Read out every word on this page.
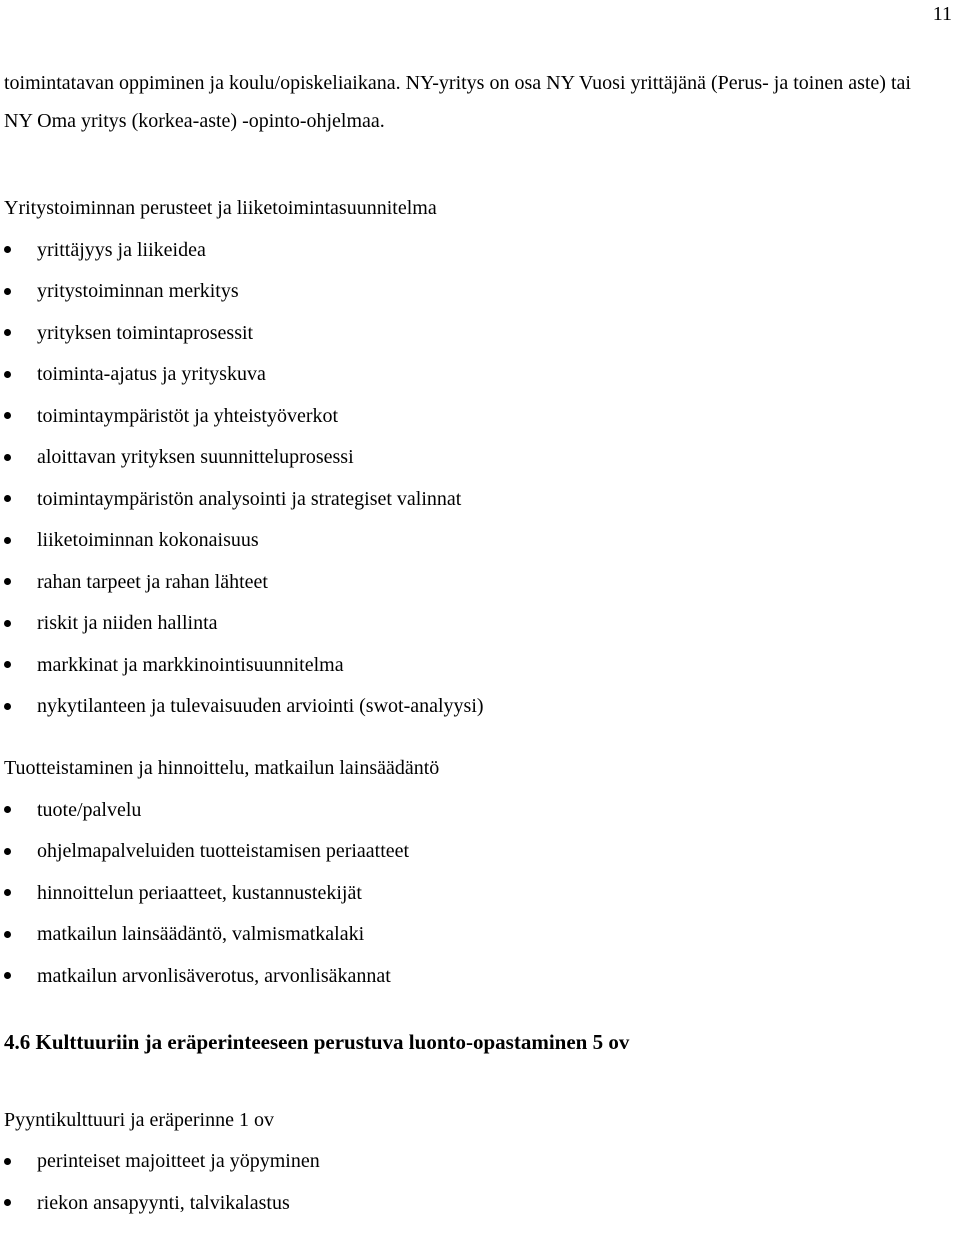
11

toimintatavan oppiminen ja koulu/opiskeliaikana. NY-yritys on osa NY Vuosi yrittäjänä (Perus- ja toinen aste) tai NY Oma yritys (korkea-aste) -opinto-ohjelmaa.

Yritystoiminnan perusteet ja liiketoimintasuunnitelma

yrittäjyys ja liikeidea
yritystoiminnan merkitys
yrityksen toimintaprosessit
toiminta-ajatus ja yrityskuva
toimintaympäristöt ja yhteistyöverkot
aloittavan yrityksen suunnitteluprosessi
toimintaympäristön analysointi ja strategiset valinnat
liiketoiminnan kokonaisuus
rahan tarpeet ja rahan lähteet
riskit ja niiden hallinta
markkinat ja markkinointisuunnitelma
nykytilanteen ja tulevaisuuden arviointi (swot-analyysi)

Tuotteistaminen ja hinnoittelu, matkailun lainsäädäntö

tuote/palvelu
ohjelmapalveluiden tuotteistamisen periaatteet
hinnoittelun periaatteet, kustannustekijät
matkailun lainsäädäntö, valmismatkalaki
matkailun arvonlisäverotus, arvonlisäkannat
4.6 Kulttuuriin ja eräperinteeseen perustuva luonto-opastaminen 5 ov

Pyyntikulttuuri ja eräperinne 1 ov

perinteiset majoitteet ja yöpyminen
riekon ansapyynti, talvikalastus
